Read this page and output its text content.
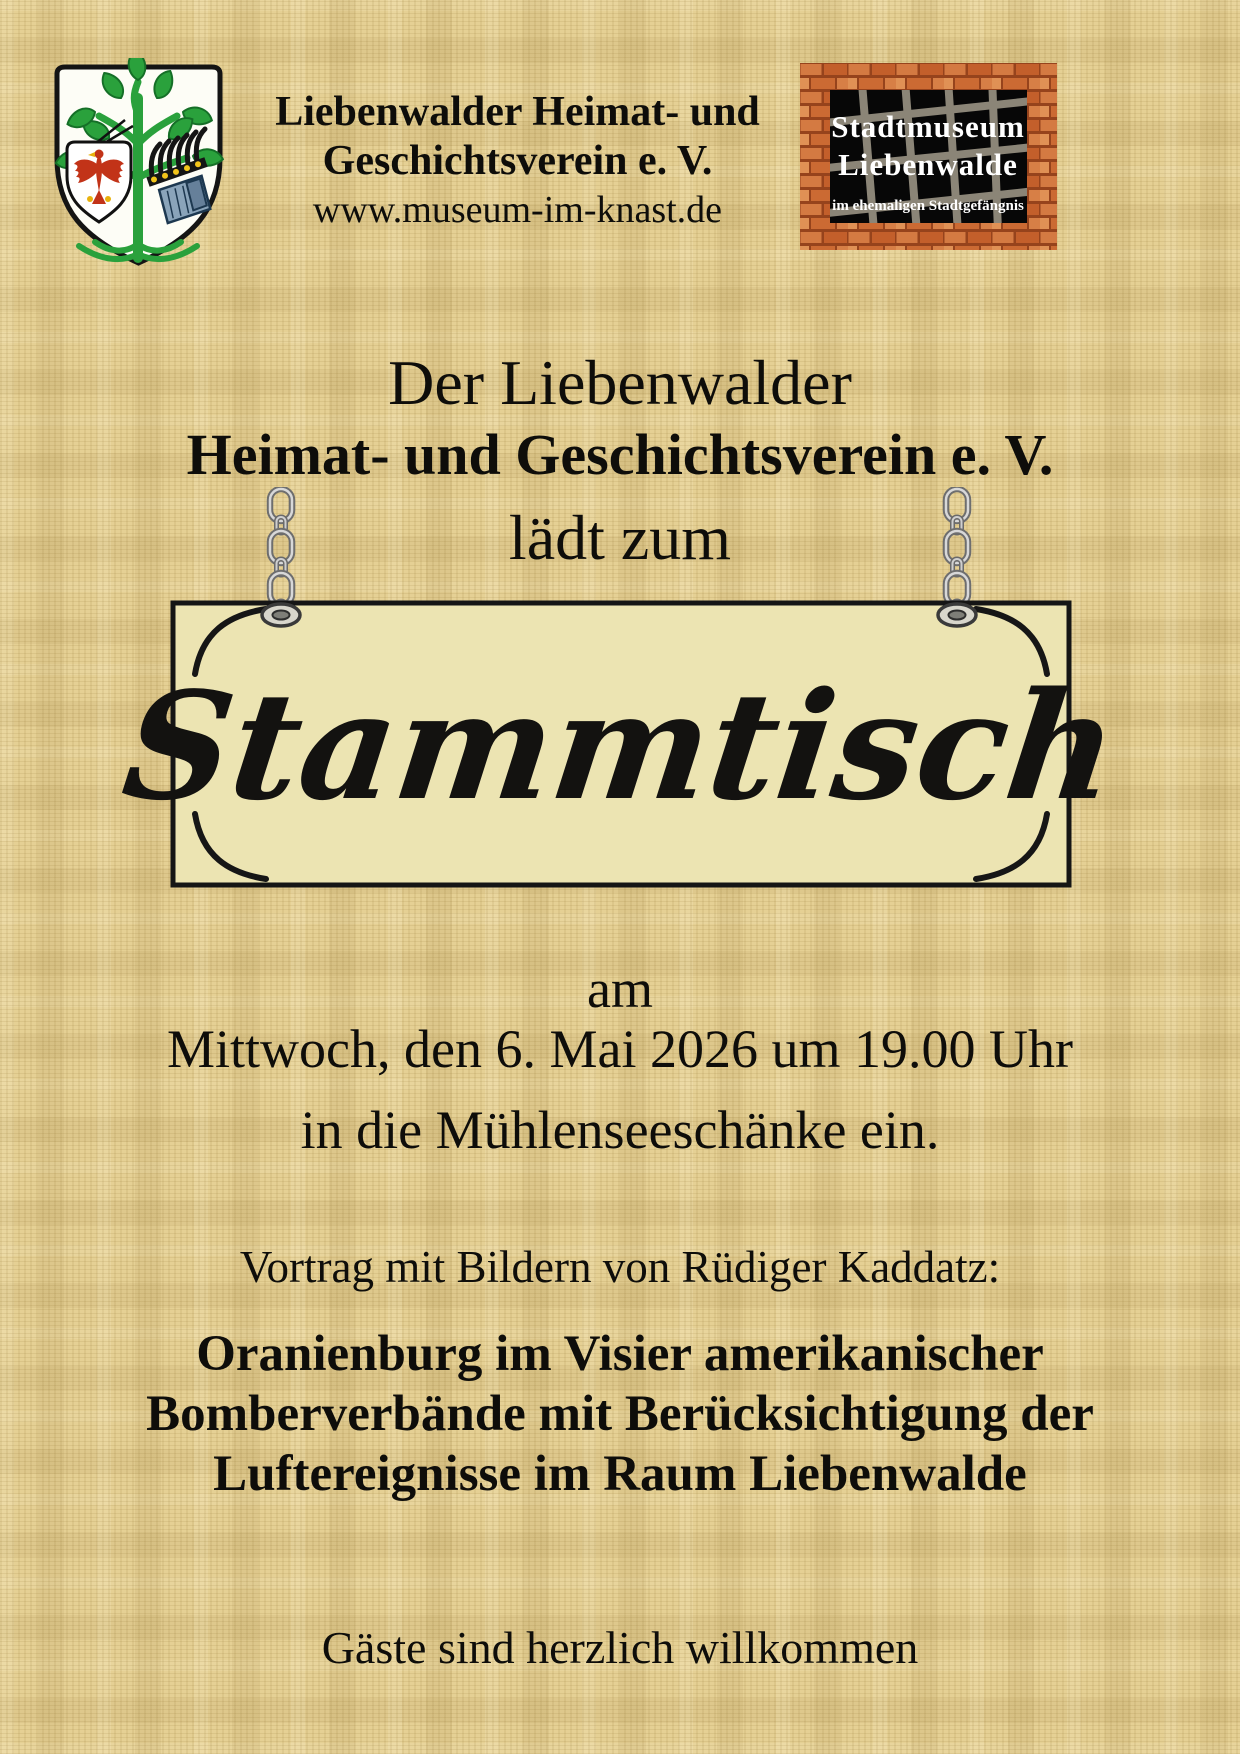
Liebenwalder Heimat- und
Geschichtsverein e. V.
www.museum-im-knast.de
Stadtmuseum
Liebenwalde
im ehemaligen Stadtgefängnis
Der Liebenwalder
Heimat- und Geschichtsverein e. V.
lädt zum
Stammtisch
am
Mittwoch, den 6. Mai 2026 um 19.00 Uhr
in die Mühlenseeschänke ein.
Vortrag mit Bildern von Rüdiger Kaddatz:
Oranienburg im Visier amerikanischer
Bomberverbände mit Berücksichtigung der
Luftereignisse im Raum Liebenwalde
Gäste sind herzlich willkommen
